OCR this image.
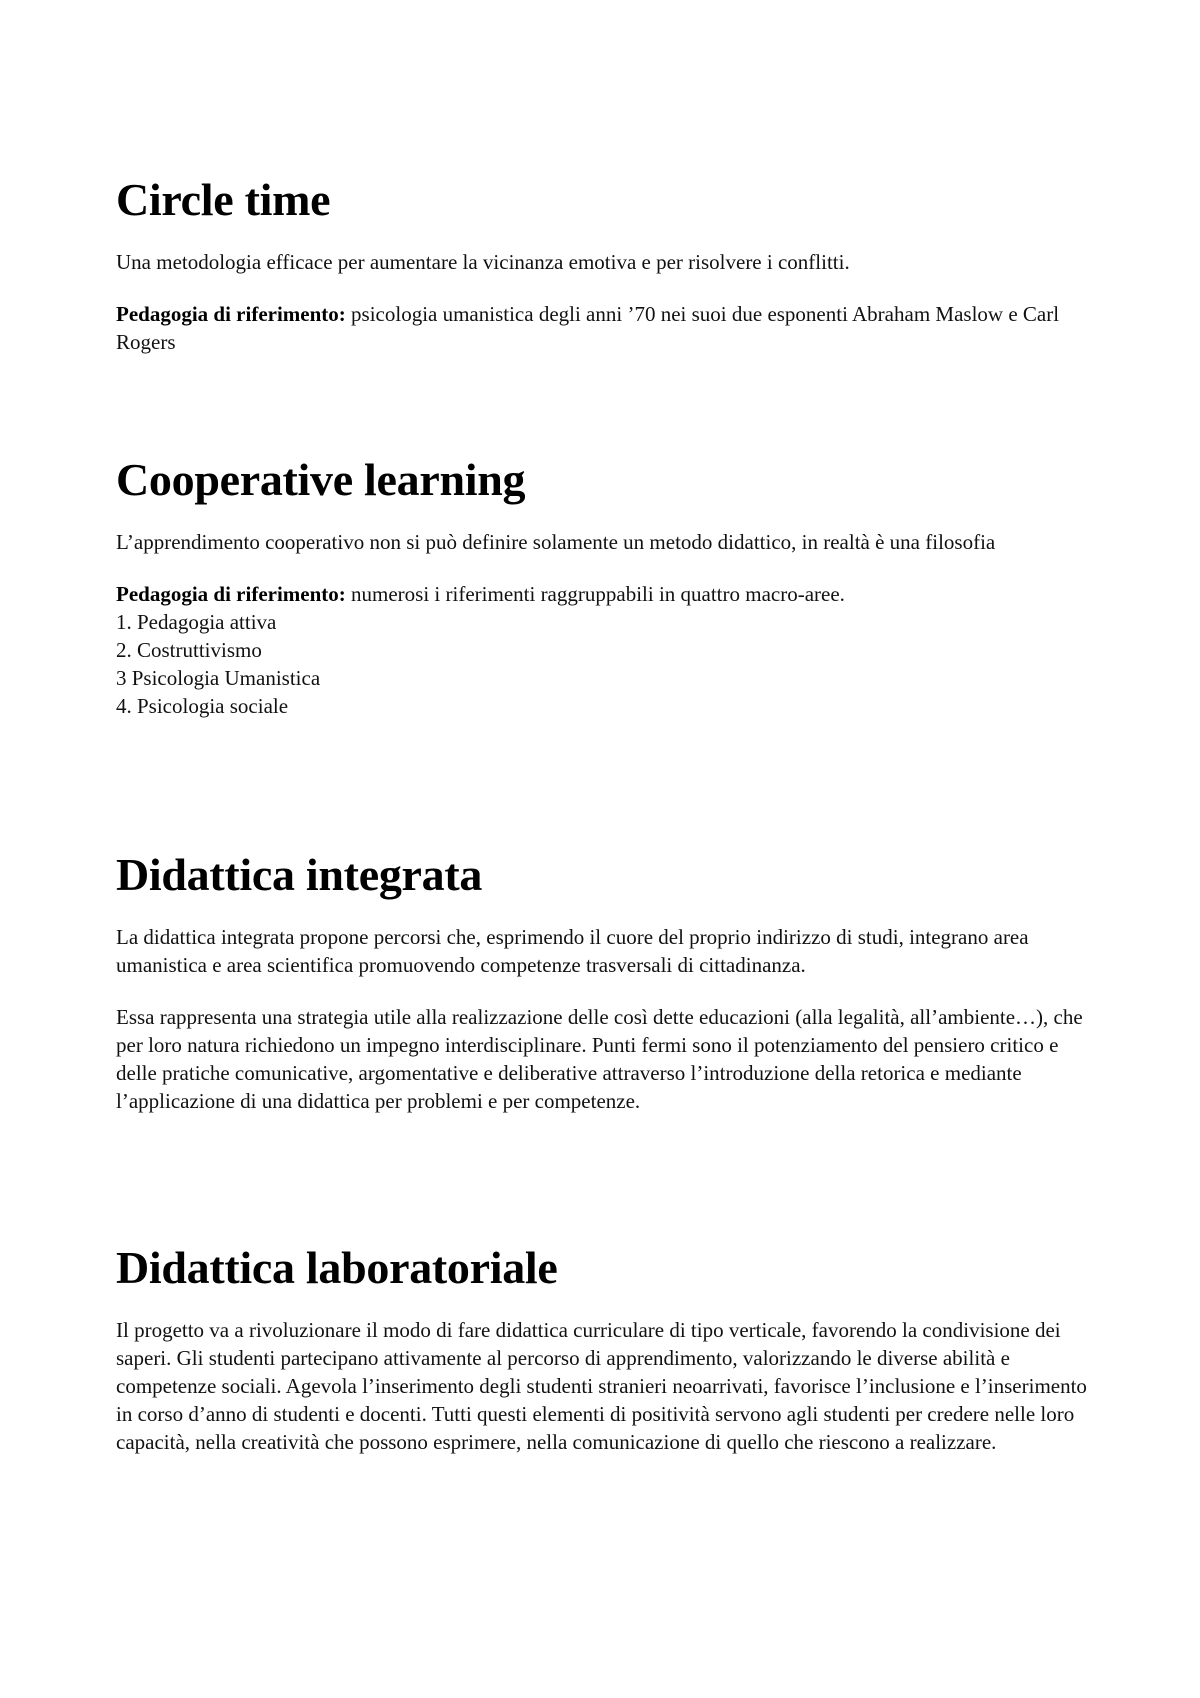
Circle time

Una metodologia efficace per aumentare la vicinanza emotiva e per risolvere i conflitti.

Pedagogia di riferimento: psicologia umanistica degli anni ’70 nei suoi due esponenti Abraham Maslow e Carl Rogers

Cooperative learning

L’apprendimento cooperativo non si può definire solamente un metodo didattico, in realtà è una filosofia

Pedagogia di riferimento: numerosi i riferimenti raggruppabili in quattro macro-aree.

1. Pedagogia attiva
2. Costruttivismo
3 Psicologia Umanistica
4. Psicologia sociale
Didattica integrata

La didattica integrata propone percorsi che, esprimendo il cuore del proprio indirizzo di studi, integrano area umanistica e area scientifica promuovendo competenze trasversali di cittadinanza.

Essa rappresenta una strategia utile alla realizzazione delle così dette educazioni (alla legalità, all’ambiente…), che per loro natura richiedono un impegno interdisciplinare. Punti fermi sono il potenziamento del pensiero critico e delle pratiche comunicative, argomentative e deliberative attraverso l’introduzione della retorica e mediante l’applicazione di una didattica per problemi e per competenze.

Didattica laboratoriale

Il progetto va a rivoluzionare il modo di fare didattica curriculare di tipo verticale, favorendo la condivisione dei saperi. Gli studenti partecipano attivamente al percorso di apprendimento, valorizzando le diverse abilità e competenze sociali. Agevola l’inserimento degli studenti stranieri neoarrivati, favorisce l’inclusione e l’inserimento in corso d’anno di studenti e docenti. Tutti questi elementi di positività servono agli studenti per credere nelle loro capacità, nella creatività che possono esprimere, nella comunicazione di quello che riescono a realizzare.
